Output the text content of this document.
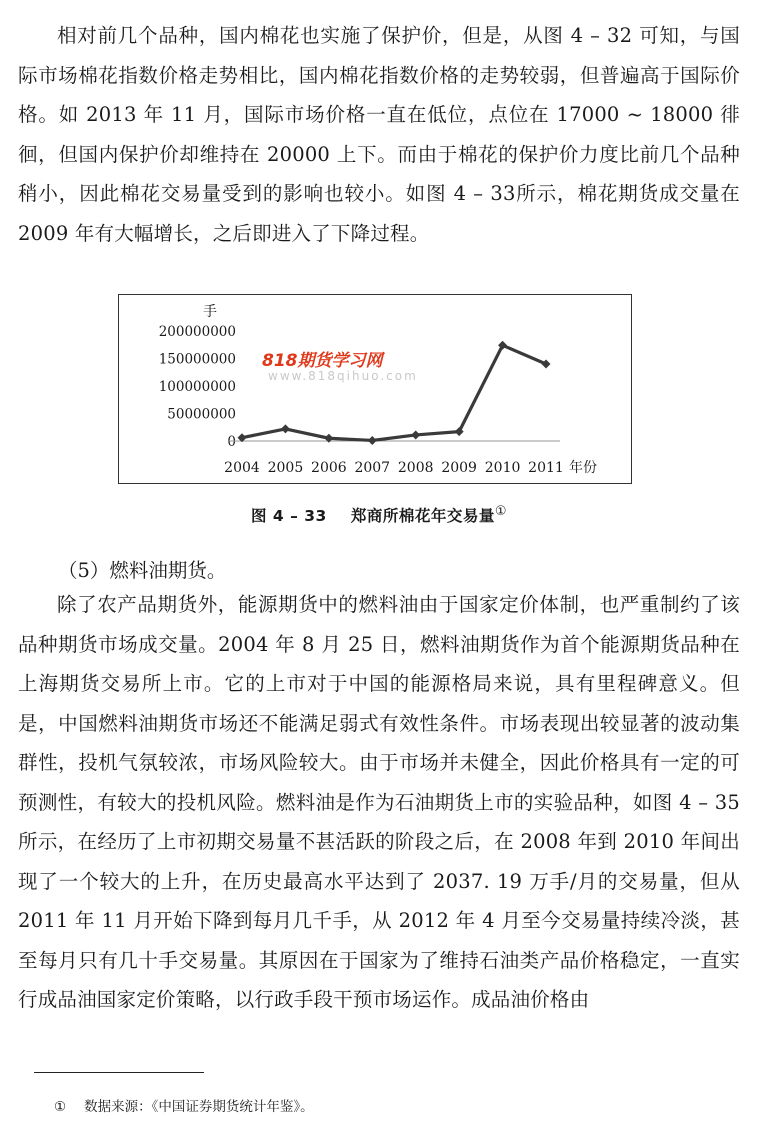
相对前几个品种，国内棉花也实施了保护价，但是，从图 4 – 32 可知，与国际市场棉花指数价格走势相比，国内棉花指数价格的走势较弱，但普遍高于国际价格。如 2013 年 11 月，国际市场价格一直在低位，点位在 17000 ~ 18000 徘徊，但国内保护价却维持在 20000 上下。而由于棉花的保护价力度比前几个品种稍小，因此棉花交易量受到的影响也较小。如图 4 – 33所示，棉花期货成交量在 2009 年有大幅增长，之后即进入了下降过程。

手
年份
0
50000000
100000000
150000000
200000000
2004 2005 2006 2007 2008 2009 2010 2011
818期货学习网
www.818qihuo.com
图 4 – 33 郑商所棉花年交易量①
（5）燃料油期货。

除了农产品期货外，能源期货中的燃料油由于国家定价体制，也严重制约了该品种期货市场成交量。2004 年 8 月 25 日，燃料油期货作为首个能源期货品种在上海期货交易所上市。它的上市对于中国的能源格局来说，具有里程碑意义。但是，中国燃料油期货市场还不能满足弱式有效性条件。市场表现出较显著的波动集群性，投机气氛较浓，市场风险较大。由于市场并未健全，因此价格具有一定的可预测性，有较大的投机风险。燃料油是作为石油期货上市的实验品种，如图 4 – 35 所示，在经历了上市初期交易量不甚活跃的阶段之后，在 2008 年到 2010 年间出现了一个较大的上升，在历史最高水平达到了 2037. 19 万手/月的交易量，但从 2011 年 11 月开始下降到每月几千手，从 2012 年 4 月至今交易量持续冷淡，甚至每月只有几十手交易量。其原因在于国家为了维持石油类产品价格稳定，一直实行成品油国家定价策略，以行政手段干预市场运作。成品油价格由

① 数据来源：《中国证券期货统计年鉴》。
